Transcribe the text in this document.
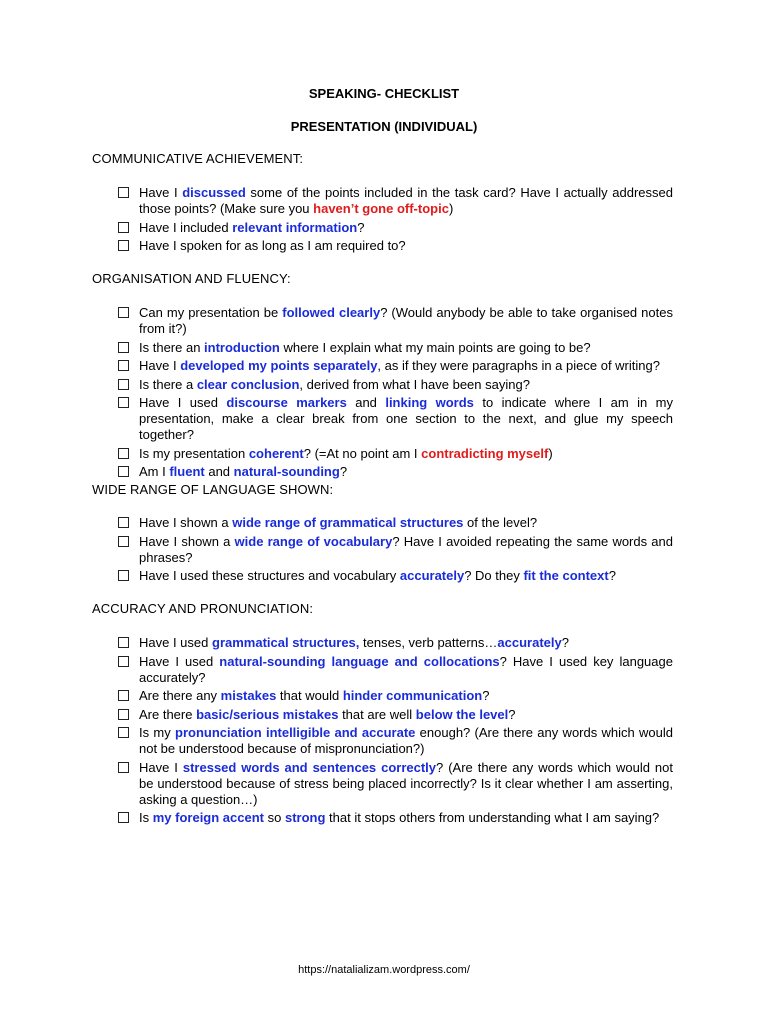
SPEAKING- CHECKLIST
PRESENTATION (INDIVIDUAL)
COMMUNICATIVE ACHIEVEMENT:
Have I discussed some of the points included in the task card? Have I actually addressed those points? (Make sure you haven’t gone off-topic)
Have I included relevant information?
Have I spoken for as long as I am required to?
ORGANISATION AND FLUENCY:
Can my presentation be followed clearly? (Would anybody be able to take organised notes from it?)
Is there an introduction where I explain what my main points are going to be?
Have I developed my points separately, as if they were paragraphs in a piece of writing?
Is there a clear conclusion, derived from what I have been saying?
Have I used discourse markers and linking words to indicate where I am in my presentation, make a clear break from one section to the next, and glue my speech together?
Is my presentation coherent? (=At no point am I contradicting myself)
Am I fluent and natural-sounding?
WIDE RANGE OF LANGUAGE SHOWN:
Have I shown a wide range of grammatical structures of the level?
Have I shown a wide range of vocabulary? Have I avoided repeating the same words and phrases?
Have I used these structures and vocabulary accurately? Do they fit the context?
ACCURACY AND PRONUNCIATION:
Have I used grammatical structures, tenses, verb patterns…accurately?
Have I used natural-sounding language and collocations? Have I used key language accurately?
Are there any mistakes that would hinder communication?
Are there basic/serious mistakes that are well below the level?
Is my pronunciation intelligible and accurate enough? (Are there any words which would not be understood because of mispronunciation?)
Have I stressed words and sentences correctly? (Are there any words which would not be understood because of stress being placed incorrectly? Is it clear whether I am asserting, asking a question…)
Is my foreign accent so strong that it stops others from understanding what I am saying?
https://natalializam.wordpress.com/
